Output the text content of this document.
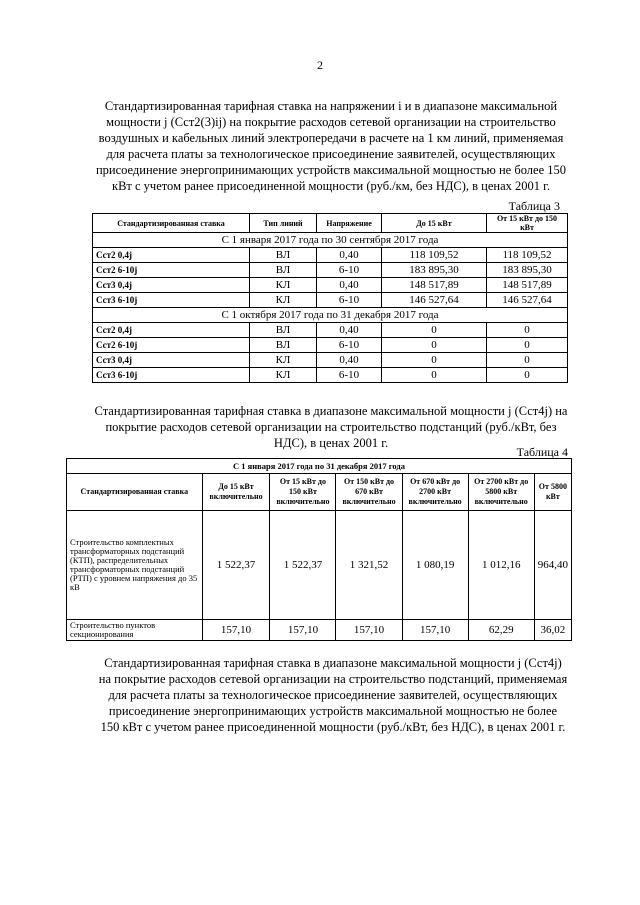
2
Стандартизированная тарифная ставка на напряжении i и в диапазоне максимальной мощности j (Сст2(3)ij) на покрытие расходов сетевой организации на строительство воздушных и кабельных линий электропередачи в расчете на 1 км линий, применяемая для расчета платы за технологическое присоединение заявителей, осуществляющих присоединение энергопринимающих устройств максимальной мощностью не более 150 кВт с учетом ранее присоединенной мощности (руб./км, без НДС), в ценах 2001 г.
Таблица 3
Стандартизированная ставка	Тип линий	Напряжение	До 15 кВт	От 15 кВт до 150 кВт
С 1 января 2017 года по 30 сентября 2017 года				
Сст2 0,4j	ВЛ	0,40	118 109,52	118 109,52
Сст2 6-10j	ВЛ	6-10	183 895,30	183 895,30
Сст3 0,4j	КЛ	0,40	148 517,89	148 517,89
Сст3 6-10j	КЛ	6-10	146 527,64	146 527,64
С 1 октября 2017 года по 31 декабря 2017 года				
Сст2 0,4j	ВЛ	0,40	0	0
Сст2 6-10j	ВЛ	6-10	0	0
Сст3 0,4j	КЛ	0,40	0	0
Сст3 6-10j	КЛ	6-10	0	0
Стандартизированная тарифная ставка в диапазоне максимальной мощности j (Сст4j) на покрытие расходов сетевой организации на строительство подстанций (руб./кВт, без НДС), в ценах 2001 г.
Таблица 4
С 1 января 2017 года по 31 декабря 2017 года						
Стандартизированная ставка	До 15 кВт включительно	От 15 кВт до 150 кВт включительно	От 150 кВт до 670 кВт включительно	От 670 кВт до 2700 кВт включительно	От 2700 кВт до 5800 кВт включительно	От 5800 кВт
Строительство комплектных трансформаторных подстанций (КТП), распределительных трансформаторных подстанций (РТП) с уровнем напряжения до 35 кВ	1 522,37	1 522,37	1 321,52	1 080,19	1 012,16	964,40
Строительство пунктов секционирования	157,10	157,10	157,10	157,10	62,29	36,02
Стандартизированная тарифная ставка в диапазоне максимальной мощности j (Сст4j) на покрытие расходов сетевой организации на строительство подстанций, применяемая для расчета платы за технологическое присоединение заявителей, осуществляющих присоединение энергопринимающих устройств максимальной мощностью не более 150 кВт с учетом ранее присоединенной мощности (руб./кВт, без НДС), в ценах 2001 г.
